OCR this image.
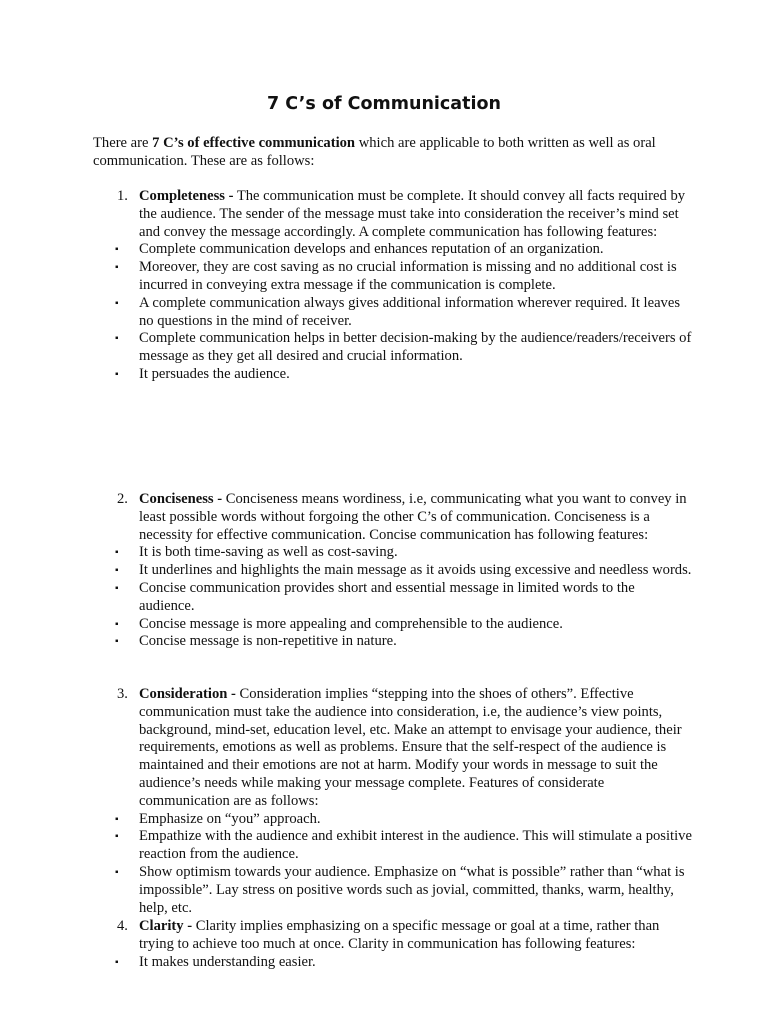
7 C’s of Communication
There are 7 C’s of effective communication which are applicable to both written as well as oral communication. These are as follows:
1. Completeness - The communication must be complete. It should convey all facts required by the audience. The sender of the message must take into consideration the receiver’s mind set and convey the message accordingly. A complete communication has following features:
▪ Complete communication develops and enhances reputation of an organization.
▪ Moreover, they are cost saving as no crucial information is missing and no additional cost is incurred in conveying extra message if the communication is complete.
▪ A complete communication always gives additional information wherever required. It leaves no questions in the mind of receiver.
▪ Complete communication helps in better decision-making by the audience/readers/receivers of message as they get all desired and crucial information.
▪ It persuades the audience.
2. Conciseness - Conciseness means wordiness, i.e, communicating what you want to convey in least possible words without forgoing the other C’s of communication. Conciseness is a necessity for effective communication. Concise communication has following features:
▪ It is both time-saving as well as cost-saving.
▪ It underlines and highlights the main message as it avoids using excessive and needless words.
▪ Concise communication provides short and essential message in limited words to the audience.
▪ Concise message is more appealing and comprehensible to the audience.
▪ Concise message is non-repetitive in nature.
3. Consideration - Consideration implies “stepping into the shoes of others”. Effective communication must take the audience into consideration, i.e, the audience’s view points, background, mind-set, education level, etc. Make an attempt to envisage your audience, their requirements, emotions as well as problems. Ensure that the self-respect of the audience is maintained and their emotions are not at harm. Modify your words in message to suit the audience’s needs while making your message complete. Features of considerate communication are as follows:
▪ Emphasize on “you” approach.
▪ Empathize with the audience and exhibit interest in the audience. This will stimulate a positive reaction from the audience.
▪ Show optimism towards your audience. Emphasize on “what is possible” rather than “what is impossible”. Lay stress on positive words such as jovial, committed, thanks, warm, healthy, help, etc.
4. Clarity - Clarity implies emphasizing on a specific message or goal at a time, rather than trying to achieve too much at once. Clarity in communication has following features:
▪ It makes understanding easier.
